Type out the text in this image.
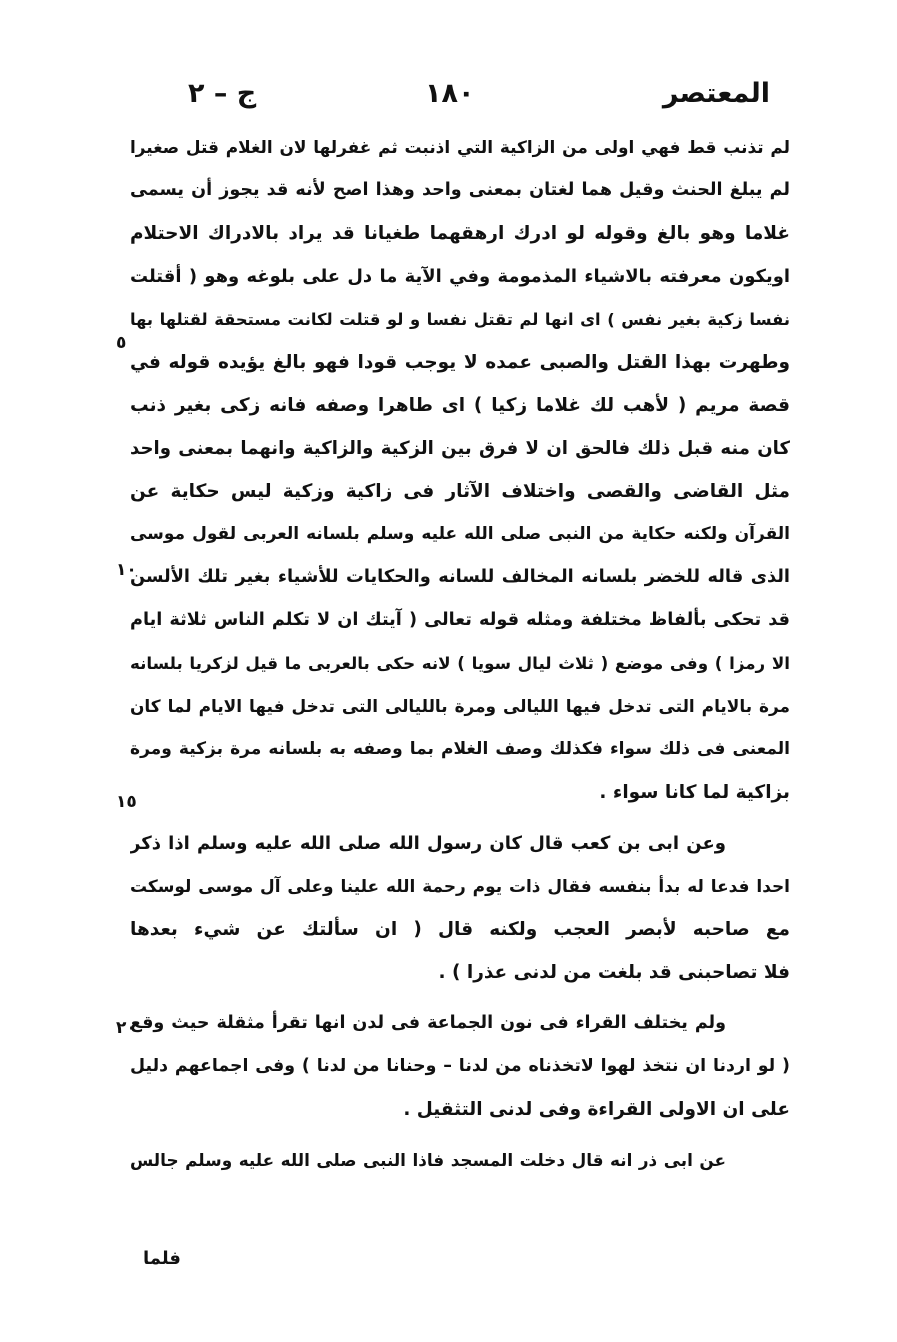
المعتصر
١٨٠
ج – ٢
لم تذنب قط فهي اولى من الزاكية التي اذنبت ثم غفرلها لان الغلام قتل صغيرا
لم يبلغ الحنث وقيل هما لغتان بمعنى واحد وهذا اصح لأنه قد يجوز أن يسمى
غلاما وهو بالغ وقوله لو ادرك ارهقهما طغيانا قد يراد بالادراك الاحتلام
اويكون معرفته بالاشياء المذمومة وفي الآية ما دل على بلوغه وهو ( أقتلت
نفسا زكية بغير نفس ) اى انها لم تقتل نفسا و لو قتلت لكانت مستحقة لقتلها بها
وطهرت بهذا القتل والصبى عمده لا يوجب قودا فهو بالغ يؤيده قوله في
قصة مريم ( لأهب لك غلاما زكيا ) اى طاهرا وصفه فانه زكى بغير ذنب
كان منه قبل ذلك فالحق ان لا فرق بين الزكية والزاكية وانهما بمعنى واحد
مثل القاضى والقصى واختلاف الآثار فى زاكية وزكية ليس حكاية عن
القرآن ولكنه حكاية من النبى صلى الله عليه وسلم بلسانه العربى لقول موسى
الذى قاله للخضر بلسانه المخالف للسانه والحكايات للأشياء بغير تلك الألسن
قد تحكى بألفاظ مختلفة ومثله قوله تعالى ( آيتك ان لا تكلم الناس ثلاثة ايام
الا رمزا ) وفى موضع ( ثلاث ليال سويا ) لانه حكى بالعربى ما قيل لزكريا بلسانه
مرة بالايام التى تدخل فيها الليالى ومرة بالليالى التى تدخل فيها الايام لما كان
المعنى فى ذلك سواء فكذلك وصف الغلام بما وصفه به بلسانه مرة بزكية ومرة
بزاكية لما كانا سواء .
وعن ابى بن كعب قال كان رسول الله صلى الله عليه وسلم اذا ذكر
احدا فدعا له بدأ بنفسه فقال ذات يوم رحمة الله علينا وعلى آل موسى لوسكت
مع صاحبه لأبصر العجب ولكنه قال ( ان سألتك عن شيء بعدها
فلا تصاحبنى قد بلغت من لدنى عذرا ) .
ولم يختلف القراء فى نون الجماعة فى لدن انها تقرأ مثقلة حيث وقع
( لو اردنا ان نتخذ لهوا لاتخذناه من لدنا – وحنانا من لدنا ) وفى اجماعهم دليل
على ان الاولى القراءة وفى لدنى التثقيل .
عن ابى ذر انه قال دخلت المسجد فاذا النبى صلى الله عليه وسلم جالس
٥
١٠
١٥
٢٠
فلما
